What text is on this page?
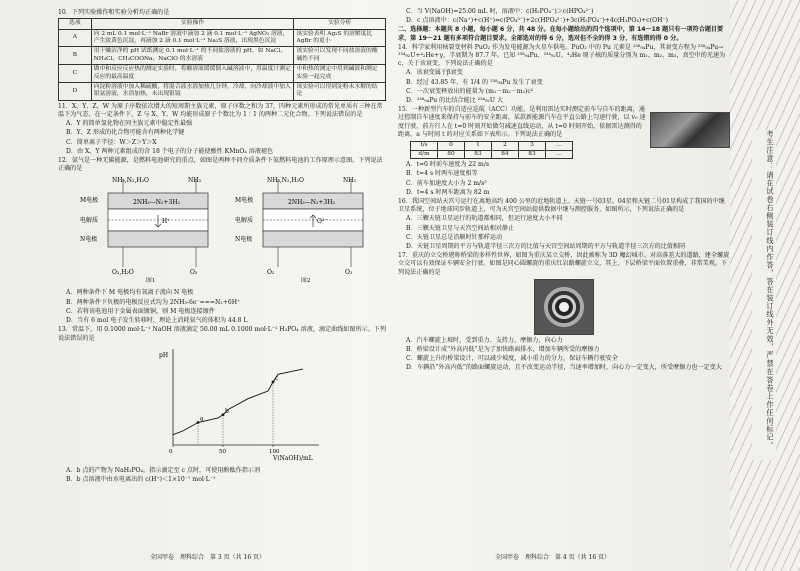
10．下列实验操作和实验分析均正确的是

选项	实验操作	实验分析
A	向 2 mL 0.1 mol·L⁻¹ NaBr 溶液中滴加 2 滴 0.1 mol·L⁻¹ AgNO₃ 溶液，产生淡黄色沉淀，再滴加 2 滴 0.1 mol·L⁻¹ Na₂S 溶液，出现黑色沉淀	该实验表明 Ag₂S 的溶解度比 AgBr 的更小
B	用干燥洁净的 pH 试纸测定 0.1 mol·L⁻¹ 的不同盐溶液的 pH，如 NaCl、NH₄Cl、CH₃COONa、NaClO 的水溶液	该实验可以发现不同盐溶液的酸碱性不同
C	做中和反应反应热的测定实验时，将酸溶液缓缓倒入碱溶液中，用温度计测定反应的最高温度	中和热的测定中用到碱液和测定实验一起完成
D	向淀粉溶液中加入稀硫酸，将混合液水浴加热几分钟，冷却，向冷却液中加入银氨溶液，水浴加热，未出现银镜	该实验可以得到淀粉未水解的结论

11．X、Y、Z、W 为原子序数依次增大的短周期主族元素，原子序数之和为 37，四种元素所形成的常见单质有三种在常温下为气态，在一定条件下，Z 与 X、Y、W 均能形成原子个数比为 1∶1 的两种二元化合物。下列说法错误的是

A．Y 的简单氢化物在同主族元素中稳定性最强

B．Y、Z 形成的化合物可能含有两种化学键

C．简单离子半径：W＞Z＞Y＞X

D．由 X、Y 两种元素组成的含 18 个电子的分子能使酸性 KMnO₄ 溶液褪色

12．氨气是一种无碳能源，是燃料电池研究的重点，如图是两种不同介质条件下氨燃料电池的工作原理示意图。下列说法正确的是

M电极
电解质
N电极
NH₃,N₂,H₂O	NH₃
2NH₃—N₂+3H₂
H⁺
O₂,H₂O	O₂
图1
M电极
电解质
N电极
NH₃,N₂,H₂O	NH₃
2NH₃—N₂+3H₂
O²⁻
O₂	O₂
图2

A．两种条件下 M 电极均有氧离子流向 N 电极

B．两种条件下负极的电极反应式均为 2NH₃-6e⁻===N₂+6H⁺

C．若将该电池用于金属表面镀铜，则 M 电极连接镀件

D．当有 6 mol 电子发生转移时，理论上消耗氨气的体积为 44.8 L

13．常温下，用 0.1000 mol·L⁻¹ NaOH 溶液滴定 50.00 mL 0.1000 mol·L⁻¹ H₃PO₄ 溶液，滴定曲线如图所示。下列说法错误的是

pH
V(NaOH)/mL
0	50	100
a
b
c

A．b 点的产物为 NaH₂PO₄，指示滴定至 c 点时，可使用酚酞作指示剂

B．b 点溶液中由水电离出的 c(H⁺)＜1×10⁻⁷ mol·L⁻¹

全国甲卷　理科综合　第 3 页（共 16 页）

C．当 V(NaOH)=25.00 mL 时，溶液中：c(H₂PO₄⁻)＞c(HPO₄²⁻)

D．c 点溶液中：c(Na⁺)+c(H⁺)=c(PO₄³⁻)+2c(HPO₄²⁻)+3c(H₂PO₄⁻)+4c(H₃PO₄)+c(OH⁻)

二、选择题：本题共 8 小题，每小题 6 分，共 48 分。在每小题给出的四个选项中，第 14～18 题只有一项符合题目要求，第 19～21 题有多项符合题目要求。全部选对的得 6 分，选对但不全的得 3 分，有选错的得 0 分。

14．科学家利用核裂变材料 PuO₂ 作为发电能源为火星车供电。PuO₂ 中的 Pu 元素是 ²³⁸₉₄Pu，其衰变方程为 ²³⁸₉₄Pu→ ²³⁴₉₂U+⁴₂He+γ，半衰期为 87.7 年。已知 ²³⁸₉₄Pu、²³⁴₉₂U、⁴₂He 原子核的质量分别为 m₁、m₂、m₃，真空中的光速为 c，关于该衰变，下列说法正确的是

A．该衰变属于β衰变

B．经过 43.85 年，有 1/4 的 ²³⁸₉₄Pu 发生了衰变

C．一次衰变释放出的能量为 (m₁－m₂－m₃)c²

D．²³⁸₉₄Pu 的比结合能比 ²³⁴₉₂U 大

15．一种新型汽车的自适应巡航（ACC）功能，是利用雷达实时测定前车与自车的距离，通过控制自车速度来保持与前车的安全距离。某款新能源汽车在平直公路上匀速行驶，以 v₀ 速度行驶，前方行人在 t=0 时刻开始做匀减速直线运动，从 t=0 时刻开始，依据雷达测得的距离，a 与时间 t 的对应关系如下表所示。下列说法正确的是

t/s	0	1	2	3	…
d/m	80	83	84	83	…

A．t=0 时前车速度为 22 m/s

B．t=4 s 时两车速度相等

C．前车加速度大小为 2 m/s²

D．t=4 s 时两车距离为 82 m

16．我国空间站天宫号运行在离地高约 400 公里的近地轨道上。天链一号03星、04星和天链二号01星构成了我国的中继卫星系统，位于地球同步轨道上，可为天宫空间站提供数据中继与测控服务，如图所示，下列说法正确的是

A．三颗天链卫星运行的轨道都相同，但运行速度大小不同

B．三颗天链卫星与天宫空间站相对静止

C．天链卫星总是沿顺时针那样运动

D．天链卫星周期的平方与轨道半径三次方的比值与天宫空间站周期的平方与轨道半径三次方的比值相同

17．重庆的立交桥堪称桥梁的多样性世界，如图为重庆某立交桥，因此被称为 3D 魔幻城市。对高落差大的道路，建全螺旋立交可以有效保证车辆安全行驶。如图是同心圆螺旋的重庆红岩路螺旋立交，其上、下层桥梁平面位置重叠，非常美观。下列说法正确的是

A．汽车螺旋上坡时，受到重力、支持力、摩擦力、向心力

B．桥梁设计成“外高内低”是为了加快路面排水，增加车辆所受的摩擦力

C．螺旋上升的桥梁设计，可以减少坡度，减小重力的分力，保证车辆行驶安全

D．车辆沿“外高内低”的路面螺旋运动，且不改变运动半径，当速率增加时，向心力一定变大，所受摩擦力也一定变大

全国甲卷　理科综合　第 4 页（共 16 页）
考生注意：请在试卷右侧装订线内作答，答在装订线外无效，严禁在答卷上作任何标记。
